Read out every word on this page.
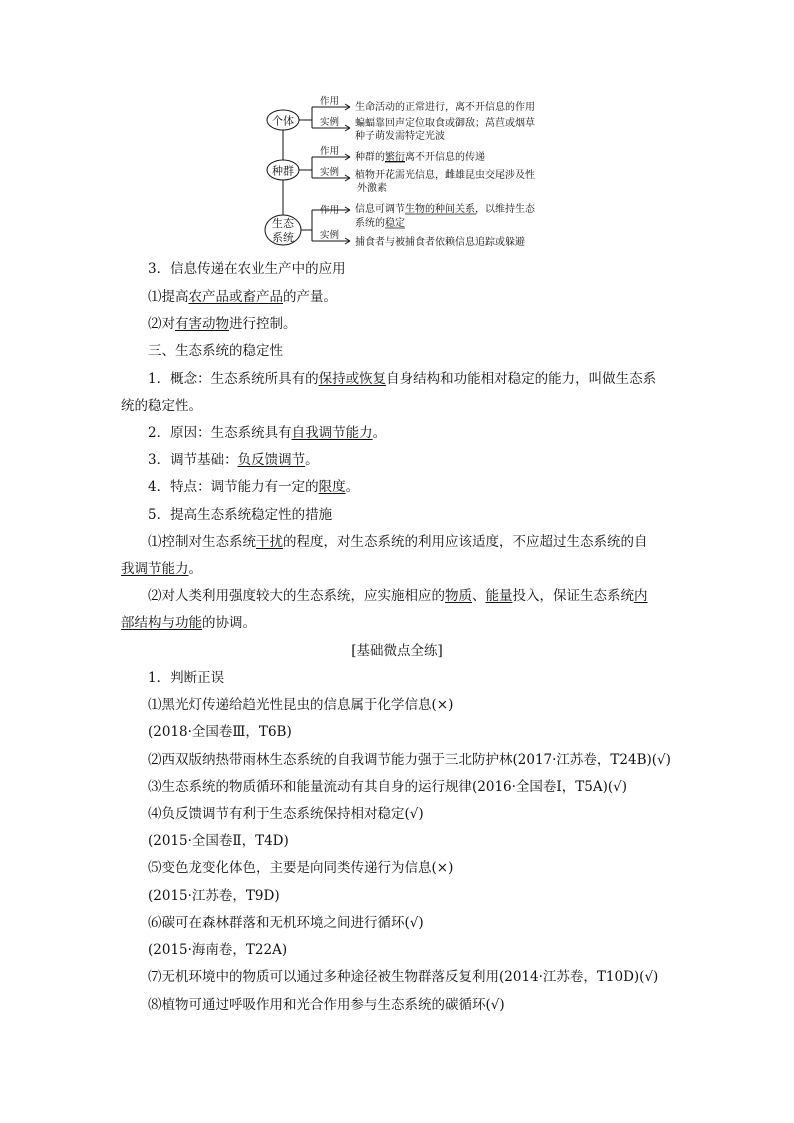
个体
种群
生态
系统
作用
实例
生命活动的正常进行，离不开信息的作用
蝙蝠靠回声定位取食或御敌；莴苣或烟草
种子萌发需特定光波
作用
实例
种群的繁衍离不开信息的传递
植物开花需光信息，雌雄昆虫交尾涉及性
外激素
作用
实例
信息可调节生物的种间关系，以维持生态
系统的稳定
捕食者与被捕食者依赖信息追踪或躲避
3．信息传递在农业生产中的应用
⑴提高农产品或畜产品的产量。
⑵对有害动物进行控制。
三、生态系统的稳定性
1．概念：生态系统所具有的保持或恢复自身结构和功能相对稳定的能力，叫做生态系
统的稳定性。
2．原因：生态系统具有自我调节能力。
3．调节基础：负反馈调节。
4．特点：调节能力有一定的限度。
5．提高生态系统稳定性的措施
⑴控制对生态系统干扰的程度，对生态系统的利用应该适度，不应超过生态系统的自
我调节能力。
⑵对人类利用强度较大的生态系统，应实施相应的物质、能量投入，保证生态系统内
部结构与功能的协调。
[基础微点全练]
1．判断正误
⑴黑光灯传递给趋光性昆虫的信息属于化学信息(×)
(2018·全国卷Ⅲ，T6B)
⑵西双版纳热带雨林生态系统的自我调节能力强于三北防护林(2017·江苏卷，T24B)(√)
⑶生态系统的物质循环和能量流动有其自身的运行规律(2016·全国卷Ⅰ，T5A)(√)
⑷负反馈调节有利于生态系统保持相对稳定(√)
(2015·全国卷Ⅱ，T4D)
⑸变色龙变化体色，主要是向同类传递行为信息(×)
(2015·江苏卷，T9D)
⑹碳可在森林群落和无机环境之间进行循环(√)
(2015·海南卷，T22A)
⑺无机环境中的物质可以通过多种途径被生物群落反复利用(2014·江苏卷，T10D)(√)
⑻植物可通过呼吸作用和光合作用参与生态系统的碳循环(√)
